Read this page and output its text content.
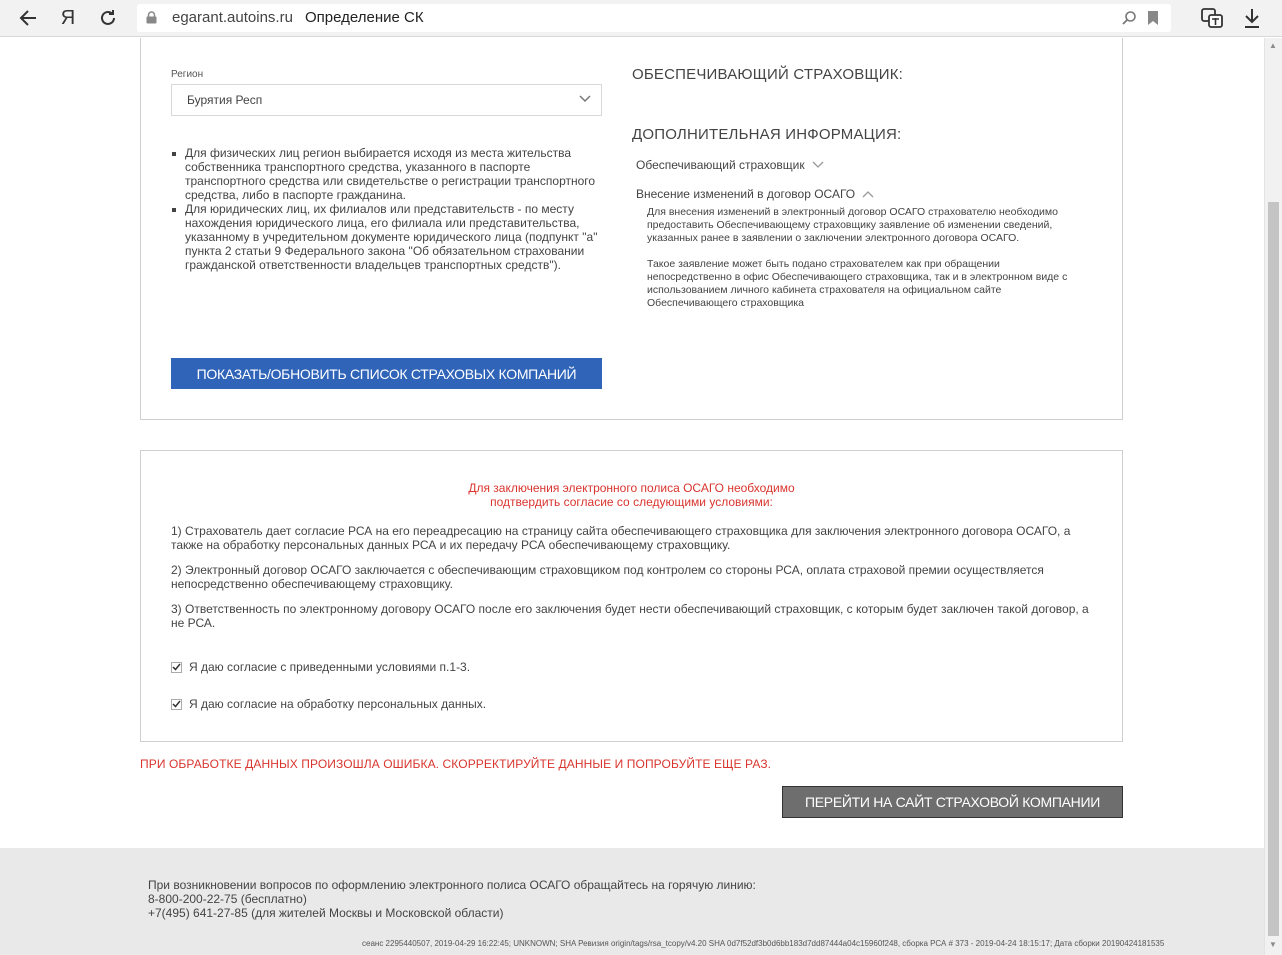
Я	egarant.autoins.ru Определение СК
Регион
Бурятия Респ
Для физических лиц регион выбирается исходя из места жительства собственника транспортного средства, указанного в паспорте транспортного средства или свидетельстве о регистрации транспортного средства, либо в паспорте гражданина.
Для юридических лиц, их филиалов или представительств - по месту нахождения юридического лица, его филиала или представительства, указанному в учредительном документе юридического лица (подпункт "а" пункта 2 статьи 9 Федерального закона "Об обязательном страховании гражданской ответственности владельцев транспортных средств").
ПОКАЗАТЬ/ОБНОВИТЬ СПИСОК СТРАХОВЫХ КОМПАНИЙ
ОБЕСПЕЧИВАЮЩИЙ СТРАХОВЩИК:
ДОПОЛНИТЕЛЬНАЯ ИНФОРМАЦИЯ:
Обеспечивающий страховщик
Внесение изменений в договор ОСАГО
Для внесения изменений в электронный договор ОСАГО страхователю необходимо предоставить Обеспечивающему страховщику заявление об изменении сведений, указанных ранее в заявлении о заключении электронного договора ОСАГО.
Такое заявление может быть подано страхователем как при обращении непосредственно в офис Обеспечивающего страховщика, так и в электронном виде с использованием личного кабинета страхователя на официальном сайте Обеспечивающего страховщика
Для заключения электронного полиса ОСАГО необходимо
подтвердить согласие со следующими условиями:
1) Страхователь дает согласие РСА на его переадресацию на страницу сайта обеспечивающего страховщика для заключения электронного договора ОСАГО, а также на обработку персональных данных РСА и их передачу РСА обеспечивающему страховщику.
2) Электронный договор ОСАГО заключается с обеспечивающим страховщиком под контролем со стороны РСА, оплата страховой премии осуществляется непосредственно обеспечивающему страховщику.
3) Ответственность по электронному договору ОСАГО после его заключения будет нести обеспечивающий страховщик, с которым будет заключен такой договор, а не РСА.
Я даю согласие с приведенными условиями п.1-3.
Я даю согласие на обработку персональных данных.
ПРИ ОБРАБОТКЕ ДАННЫХ ПРОИЗОШЛА ОШИБКА. СКОРРЕКТИРУЙТЕ ДАННЫЕ И ПОПРОБУЙТЕ ЕЩЕ РАЗ.
ПЕРЕЙТИ НА САЙТ СТРАХОВОЙ КОМПАНИИ
При возникновении вопросов по оформлению электронного полиса ОСАГО обращайтесь на горячую линию:
8-800-200-22-75 (бесплатно)
+7(495) 641-27-85 (для жителей Москвы и Московской области)
сеанс 2295440507, 2019-04-29 16:22:45; UNKNOWN; SHA Ревизия origin/tags/rsa_tcopy/v4.20 SHA 0d7f52df3b0d6bb183d7dd87444a04c15960f248, сборка РСА # 373 - 2019-04-24 18:15:17; Дата сборки 20190424181535
▲
▼
